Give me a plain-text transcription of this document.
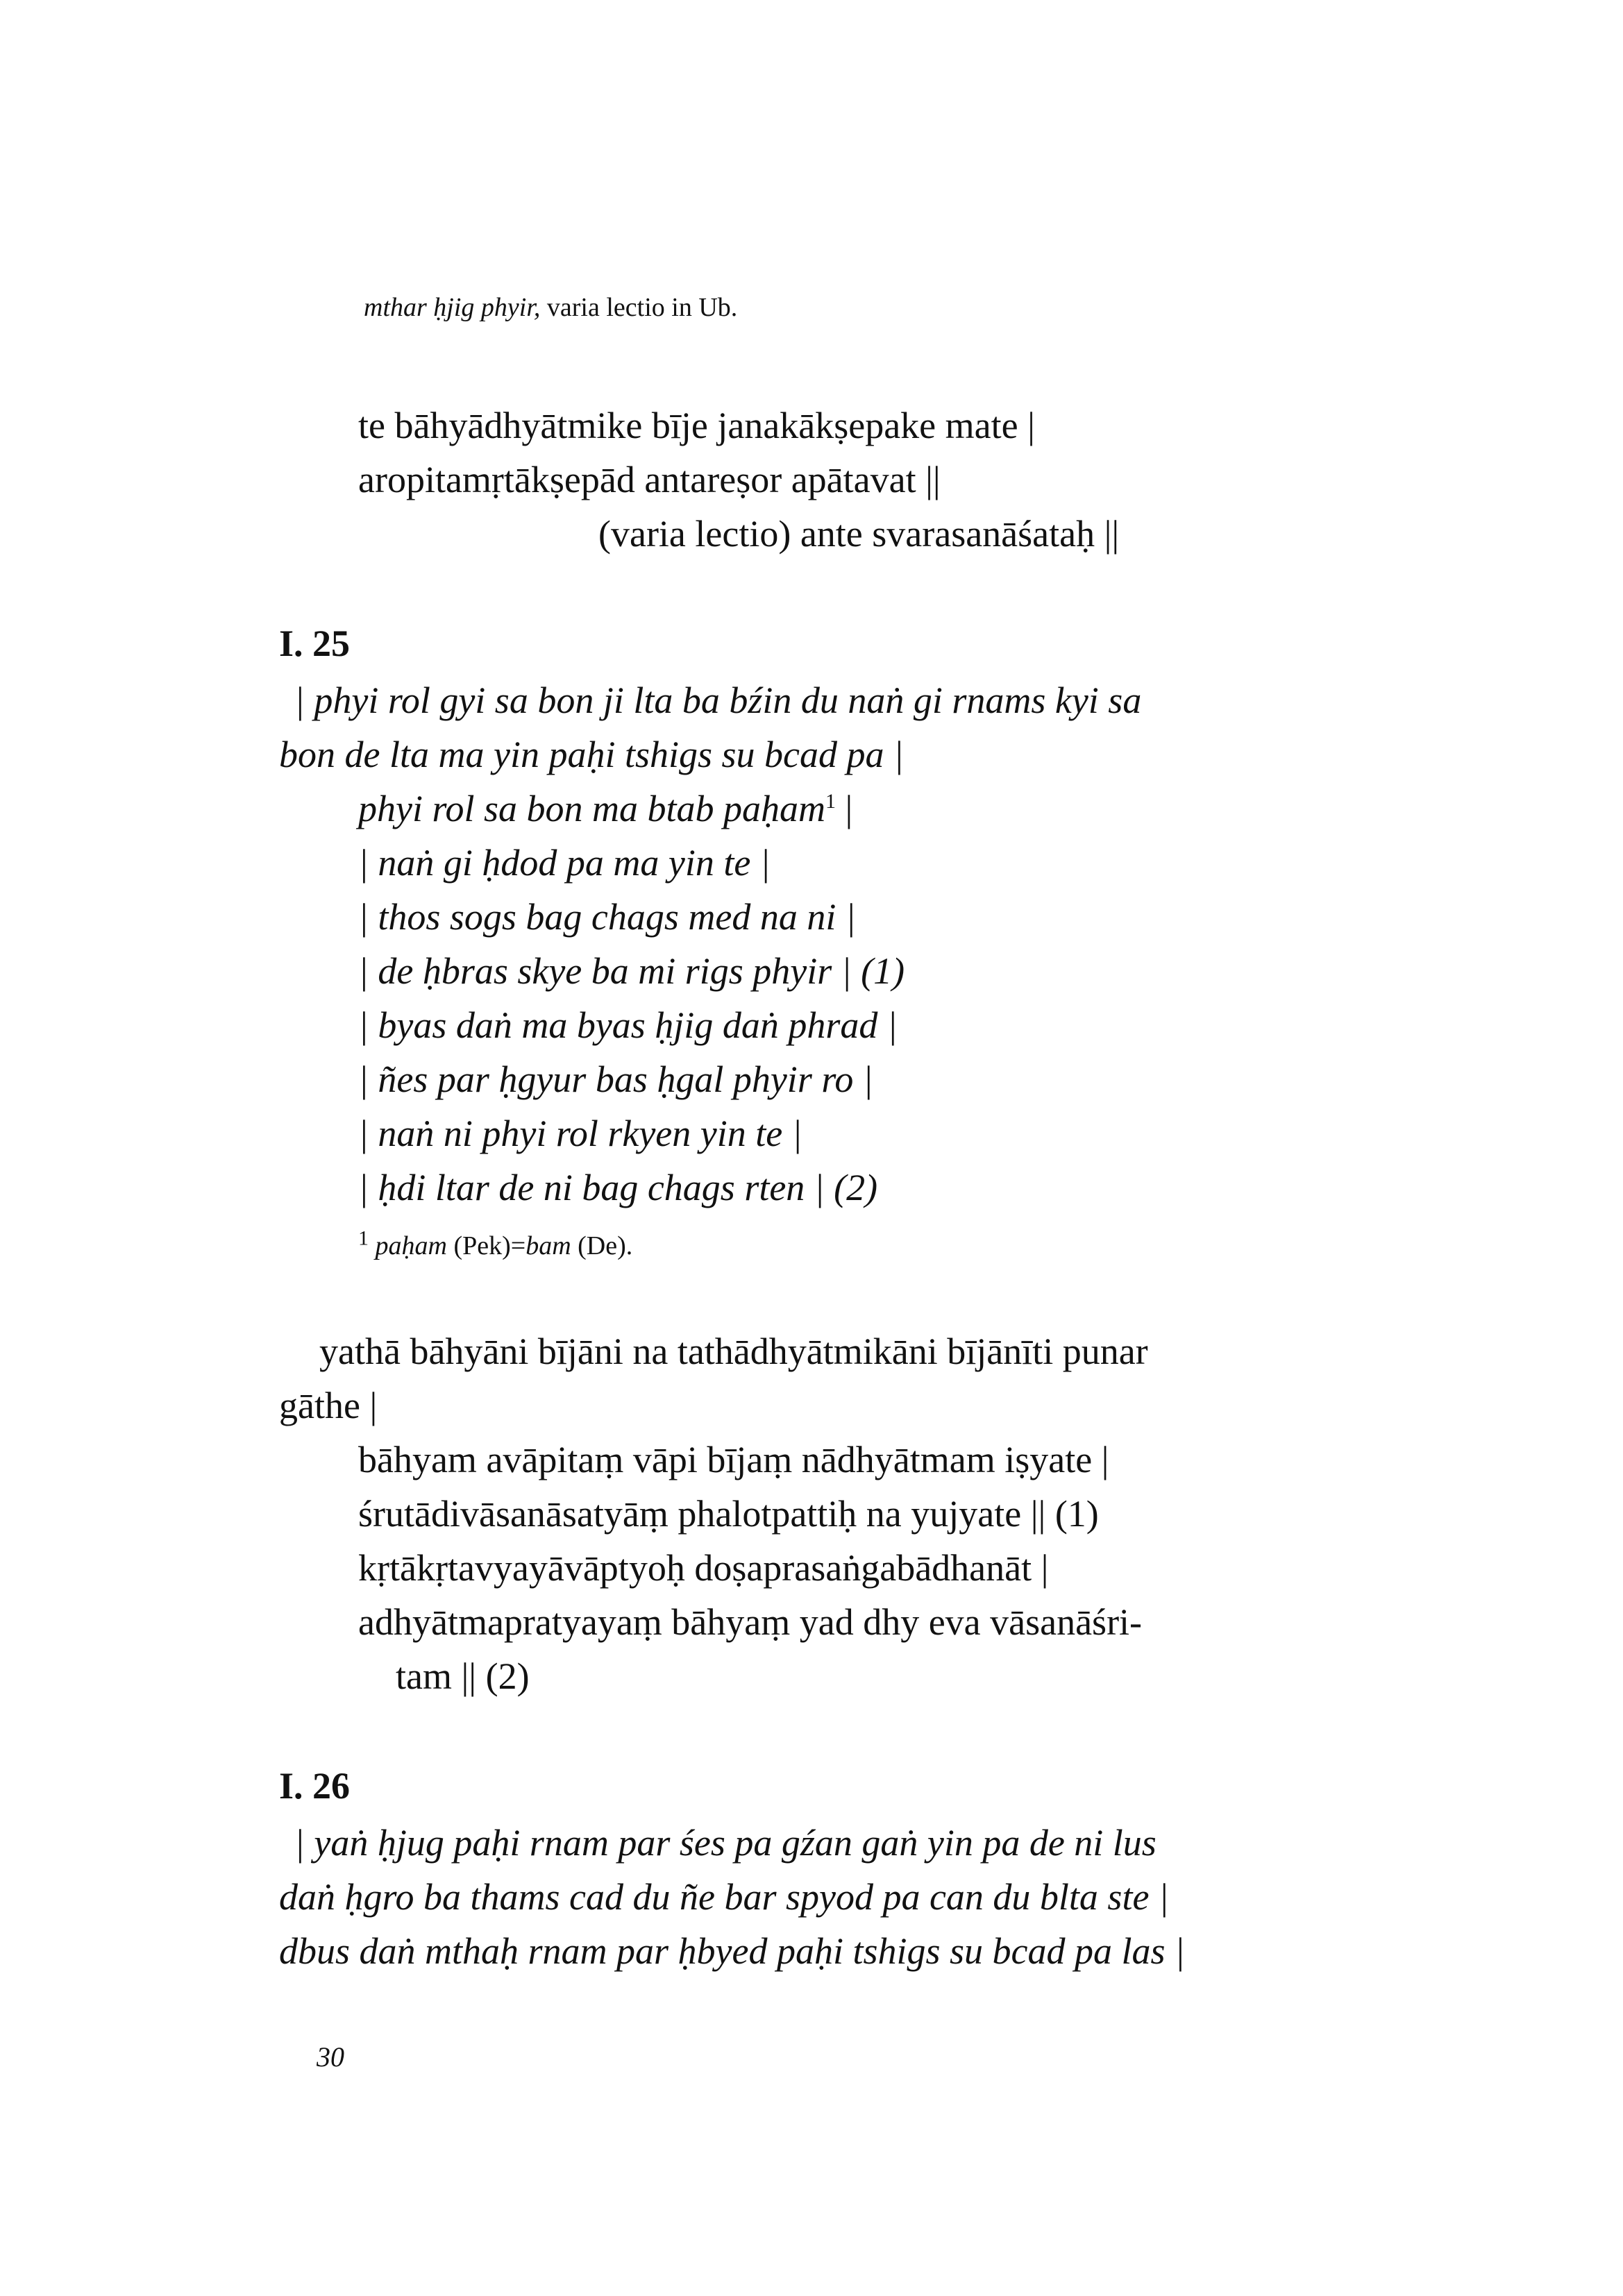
mthar ḥjig phyir, varia lectio in Ub.
te bāhyādhyātmike bīje janakākṣepake mate |
aropitamṛtākṣepād antareṣor apātavat ||
(varia lectio) ante svarasanāśataḥ ||
I. 25
| phyi rol gyi sa bon ji lta ba bźin du naṅ gi rnams kyi sa
bon de lta ma yin paḥi tshigs su bcad pa |
phyi rol sa bon ma btab paḥam$^1$ |
| naṅ gi ḥdod pa ma yin te |
| thos sogs bag chags med na ni |
| de ḥbras skye ba mi rigs phyir | (1)
| byas daṅ ma byas ḥjig daṅ phrad |
| ñes par ḥgyur bas ḥgal phyir ro |
| naṅ ni phyi rol rkyen yin te |
| ḥdi ltar de ni bag chags rten | (2)
$^1$ paḥam (Pek)=bam (De).
yathā bāhyāni bījāni na tathādhyātmikāni bījānīti punar
gāthe |
bāhyam avāpitaṃ vāpi bījaṃ nādhyātmam iṣyate |
śrutādivāsanāsatyāṃ phalotpattiḥ na yujyate || (1)
kṛtākṛtavyayāvāptyoḥ doṣaprasaṅgabādhanāt |
adhyātmapratyayaṃ bāhyaṃ yad dhy eva vāsanāśri-
tam || (2)
I. 26
| yaṅ ḥjug paḥi rnam par śes pa gźan gaṅ yin pa de ni lus
daṅ ḥgro ba thams cad du ñe bar spyod pa can du blta ste |
dbus daṅ mthaḥ rnam par ḥbyed paḥi tshigs su bcad pa las |
30
